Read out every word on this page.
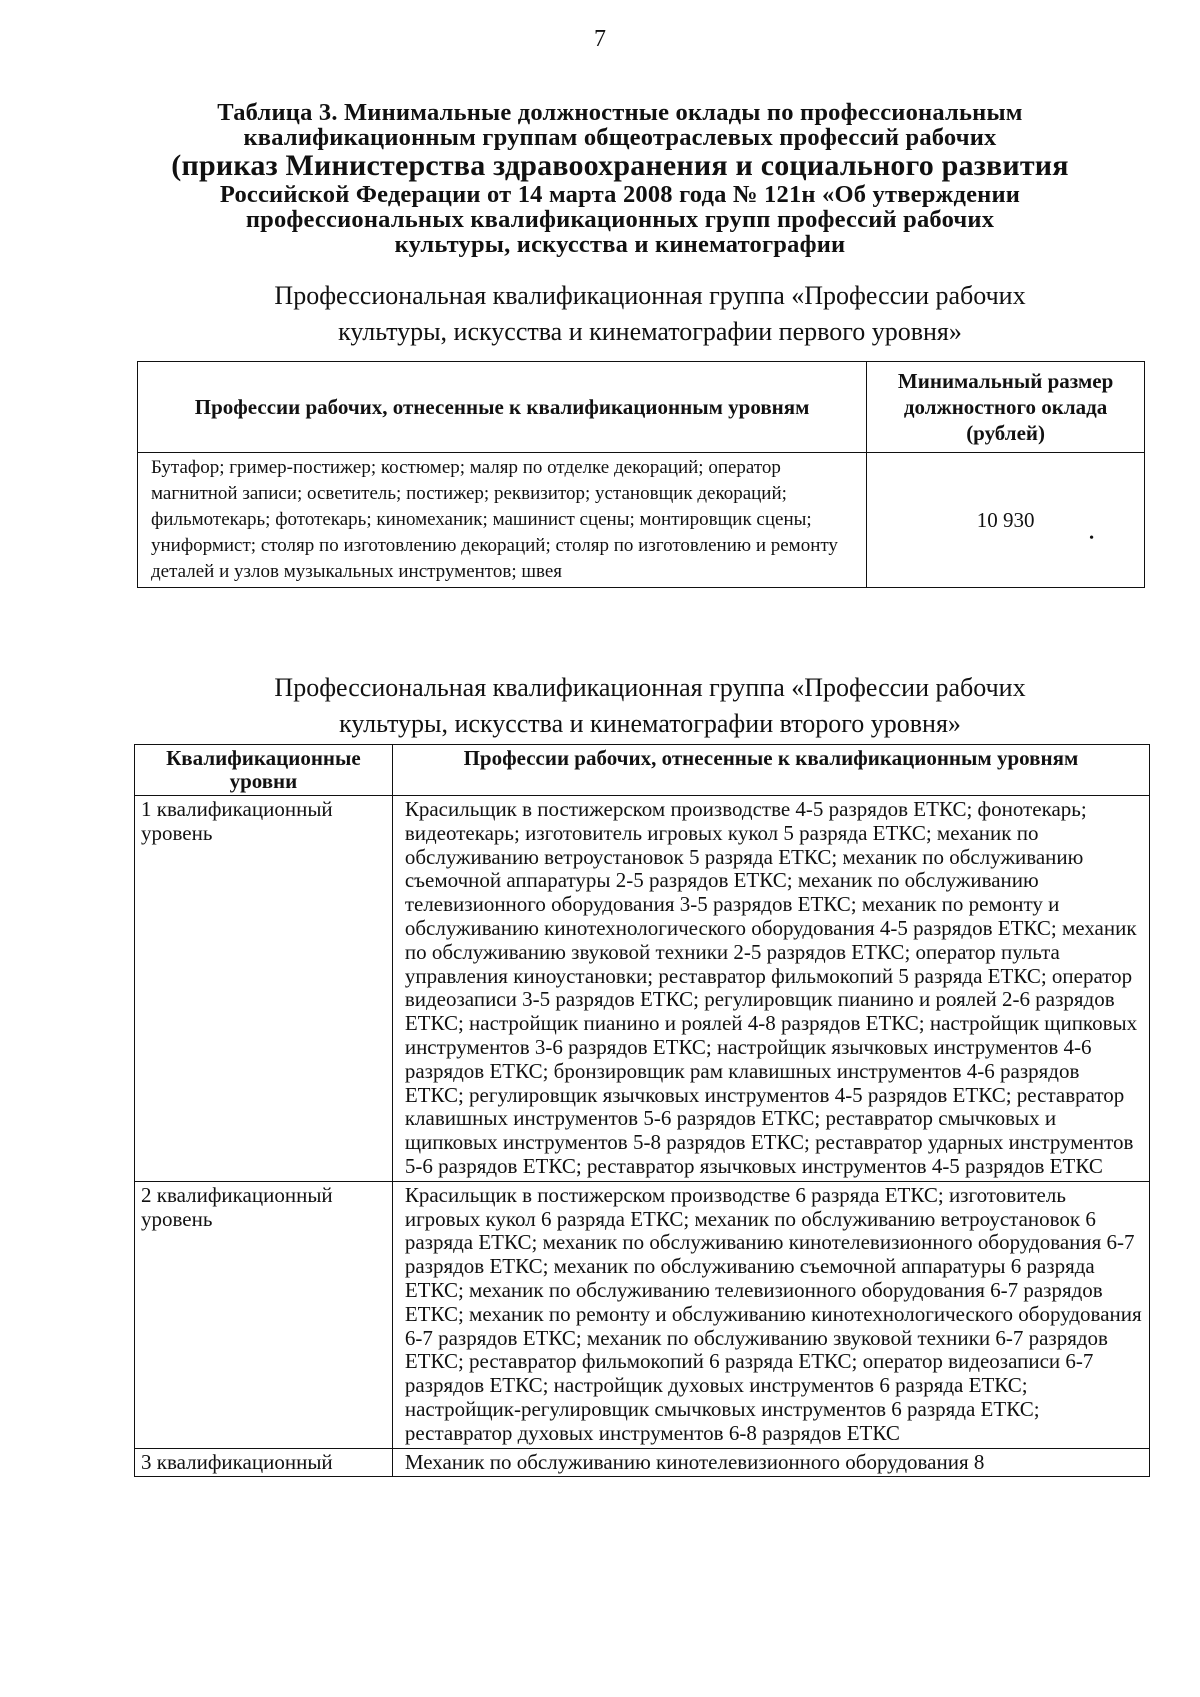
7
Таблица 3. Минимальные должностные оклады по профессиональным
квалификационным группам общеотраслевых профессий рабочих
(приказ Министерства здравоохранения и социального развития
Российской Федерации от 14 марта 2008 года № 121н «Об утверждении
профессиональных квалификационных групп профессий рабочих
культуры, искусства и кинематографии
Профессиональная квалификационная группа «Профессии рабочих
культуры, искусства и кинематографии первого уровня»
Профессии рабочих, отнесенные к квалификационным уровням	Минимальный размер должностного оклада (рублей)
Бутафор; гример-постижер; костюмер; маляр по отделке декораций; оператор магнитной записи; осветитель; постижер; реквизитор; установщик декораций; фильмотекарь; фототекарь; киномеханик; машинист сцены; монтировщик сцены; униформист; столяр по изготовлению декораций; столяр по изготовлению и ремонту деталей и узлов музыкальных инструментов; швея	10 930
•
Профессиональная квалификационная группа «Профессии рабочих
культуры, искусства и кинематографии второго уровня»
Квалификационные уровни	Профессии рабочих, отнесенные к квалификационным уровням
1 квалификационный уровень	Красильщик в постижерском производстве 4-5 разрядов ЕТКС; фонотекарь; видеотекарь; изготовитель игровых кукол 5 разряда ЕТКС; механик по обслуживанию ветроустановок 5 разряда ЕТКС; механик по обслуживанию съемочной аппаратуры 2-5 разрядов ЕТКС; механик по обслуживанию телевизионного оборудования 3-5 разрядов ЕТКС; механик по ремонту и обслуживанию кинотехнологического оборудования 4-5 разрядов ЕТКС; механик по обслуживанию звуковой техники 2-5 разрядов ЕТКС; оператор пульта управления киноустановки; реставратор фильмокопий 5 разряда ЕТКС; оператор видеозаписи 3-5 разрядов ЕТКС; регулировщик пианино и роялей 2-6 разрядов ЕТКС; настройщик пианино и роялей 4-8 разрядов ЕТКС; настройщик щипковых инструментов 3-6 разрядов ЕТКС; настройщик язычковых инструментов 4-6 разрядов ЕТКС; бронзировщик рам клавишных инструментов 4-6 разрядов ЕТКС; регулировщик язычковых инструментов 4-5 разрядов ЕТКС; реставратор клавишных инструментов 5-6 разрядов ЕТКС; реставратор смычковых и щипковых инструментов 5-8 разрядов ЕТКС; реставратор ударных инструментов 5-6 разрядов ЕТКС; реставратор язычковых инструментов 4-5 разрядов ЕТКС
2 квалификационный уровень	Красильщик в постижерском производстве 6 разряда ЕТКС; изготовитель игровых кукол 6 разряда ЕТКС; механик по обслуживанию ветроустановок 6 разряда ЕТКС; механик по обслуживанию кинотелевизионного оборудования 6-7 разрядов ЕТКС; механик по обслуживанию съемочной аппаратуры 6 разряда ЕТКС; механик по обслуживанию телевизионного оборудования 6-7 разрядов ЕТКС; механик по ремонту и обслуживанию кинотехнологического оборудования 6-7 разрядов ЕТКС; механик по обслуживанию звуковой техники 6-7 разрядов ЕТКС; реставратор фильмокопий 6 разряда ЕТКС; оператор видеозаписи 6-7 разрядов ЕТКС; настройщик духовых инструментов 6 разряда ЕТКС; настройщик-регулировщик смычковых инструментов 6 разряда ЕТКС; реставратор духовых инструментов 6-8 разрядов ЕТКС
3 квалификационный	Механик по обслуживанию кинотелевизионного оборудования 8
